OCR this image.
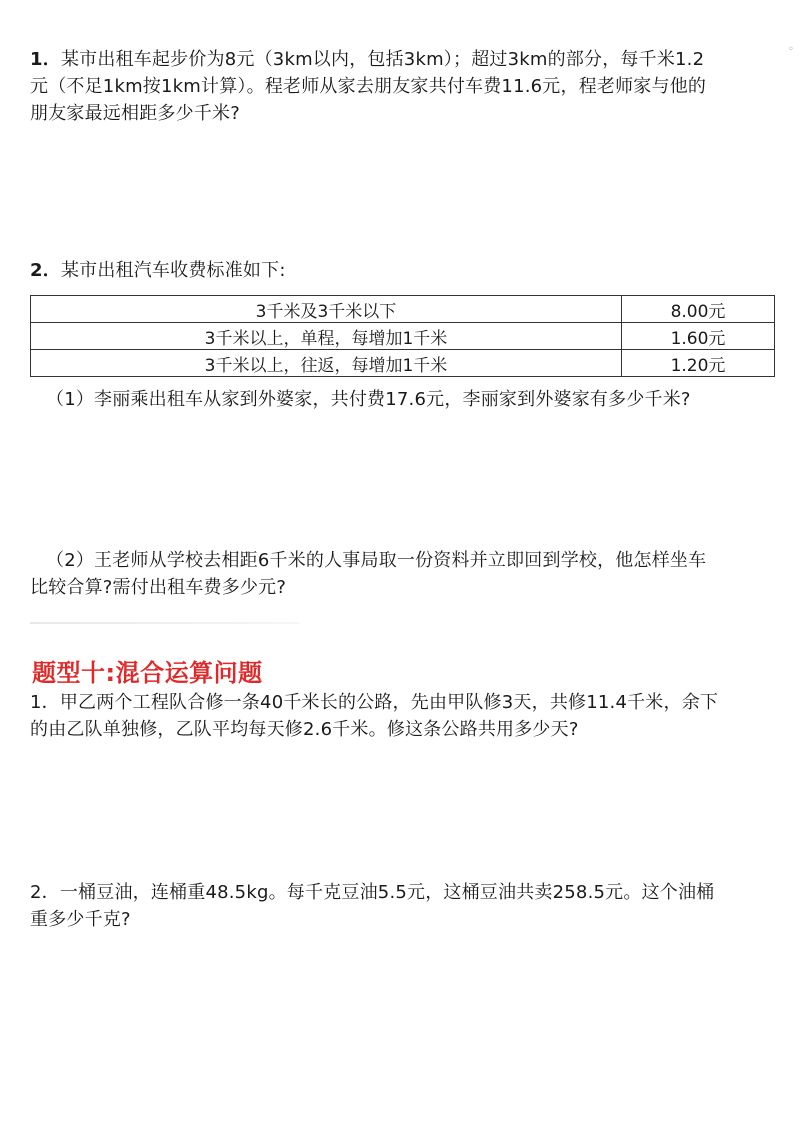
◦

1．某市出租车起步价为8元（3km以内，包括3km）；超过3km的部分，每千米1.2

元（不足1km按1km计算）。程老师从家去朋友家共付车费11.6元，程老师家与他的

朋友家最远相距多少千米?

2．某市出租汽车收费标准如下:

3千米及3千米以下	8.00元
3千米以上，单程，每增加1千米	1.60元
3千米以上，往返，每增加1千米	1.20元

（1）李丽乘出租车从家到外婆家，共付费17.6元，李丽家到外婆家有多少千米?

（2）王老师从学校去相距6千米的人事局取一份资料并立即回到学校，他怎样坐车

比较合算?需付出租车费多少元?

题型十:混合运算问题

1．甲乙两个工程队合修一条40千米长的公路，先由甲队修3天，共修11.4千米，余下

的由乙队单独修，乙队平均每天修2.6千米。修这条公路共用多少天?

2．一桶豆油，连桶重48.5kg。每千克豆油5.5元，这桶豆油共卖258.5元。这个油桶

重多少千克?
